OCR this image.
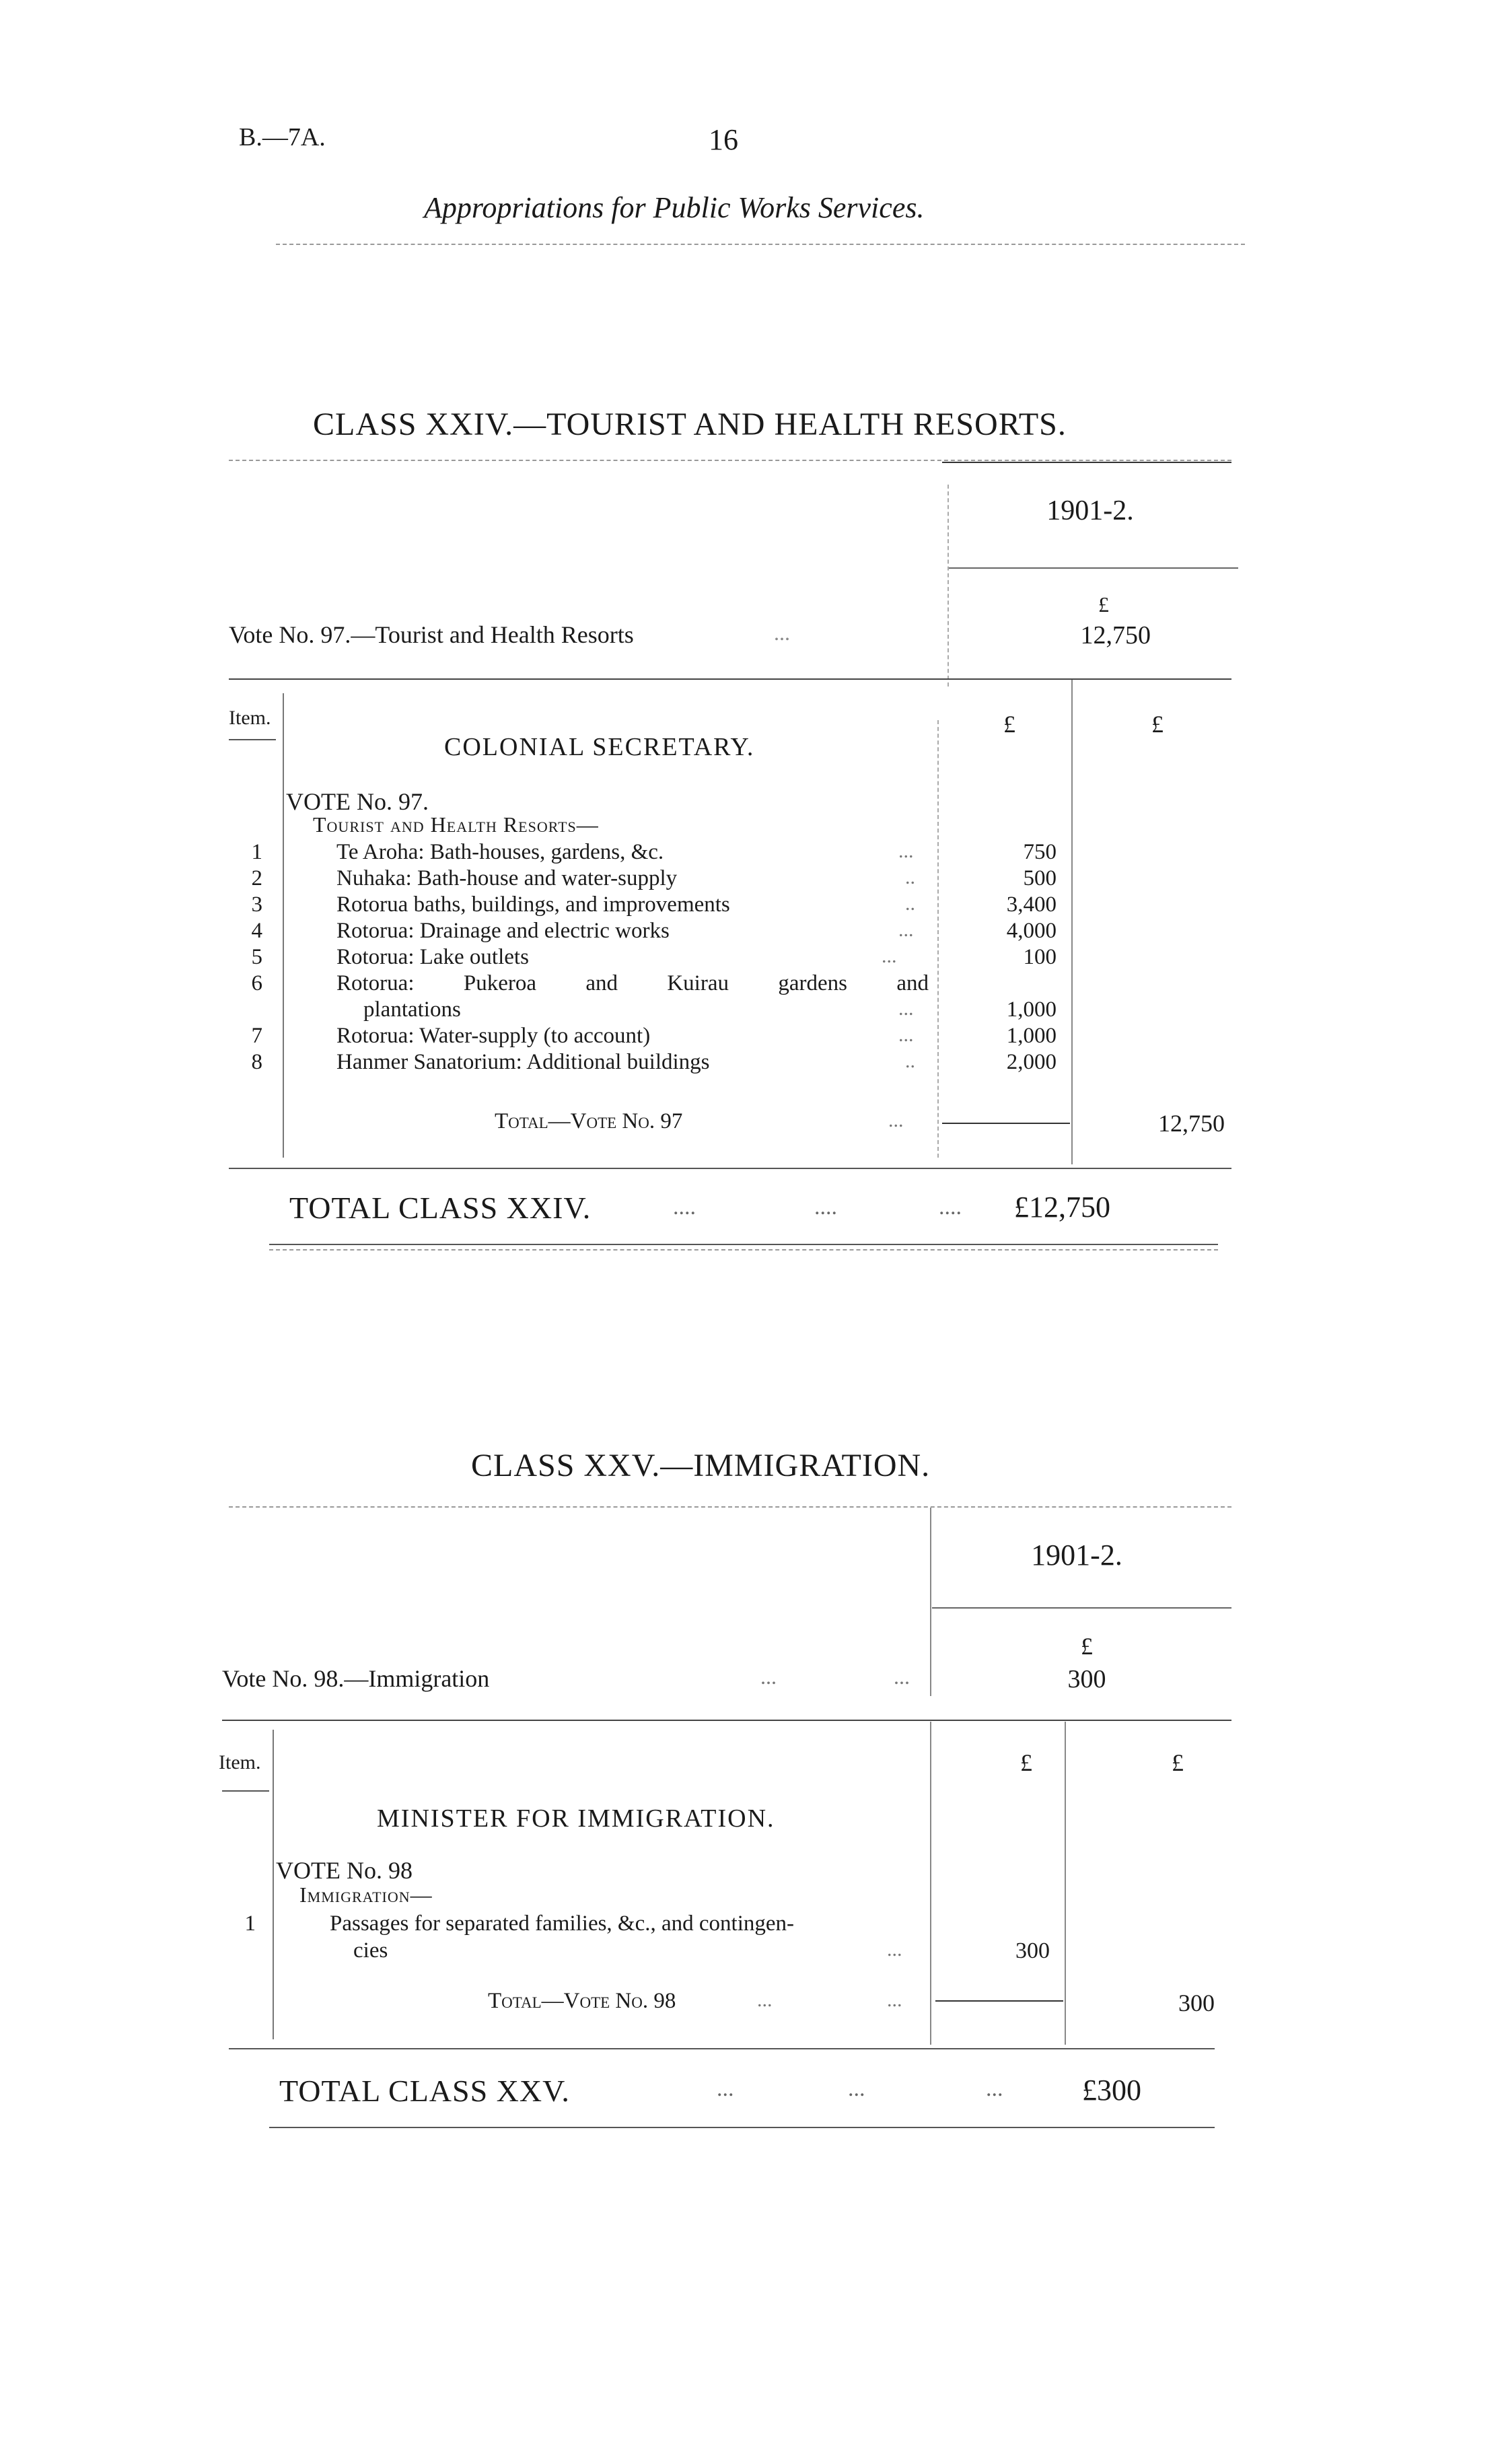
B.—7A.	16
Appropriations for Public Works Services.
CLASS XXIV.—TOURIST AND HEALTH RESORTS.
1901-2.
£
Vote No. 97.—Tourist and Health Resorts	...	12,750
Item.	£	£
COLONIAL SECRETARY.
VOTE No. 97.
Tourist and Health Resorts—
1	Te Aroha: Bath-houses, gardens, &c.	...	750
2	Nuhaka: Bath-house and water-supply	..	500
3	Rotorua baths, buildings, and improvements	..	3,400
4	Rotorua: Drainage and electric works	...	4,000
5	Rotorua: Lake outlets	...	100
6	Rotorua: Pukeroa and Kuirau gardens and
plantations	...	1,000
7	Rotorua: Water-supply (to account)	...	1,000
8	Hanmer Sanatorium: Additional buildings	..	2,000
Total—Vote No. 97	...	12,750
TOTAL CLASS XXIV.	....	....	.... £12,750
CLASS XXV.—IMMIGRATION.
1901-2.
£
Vote No. 98.—Immigration	...	...	300
Item.	£	£
MINISTER FOR IMMIGRATION.
VOTE No. 98
Immigration—
1	Passages for separated families, &c., and contingen-
cies	...	300
Total—Vote No. 98	...	...	300
TOTAL CLASS XXV.	...	...	...	£300
